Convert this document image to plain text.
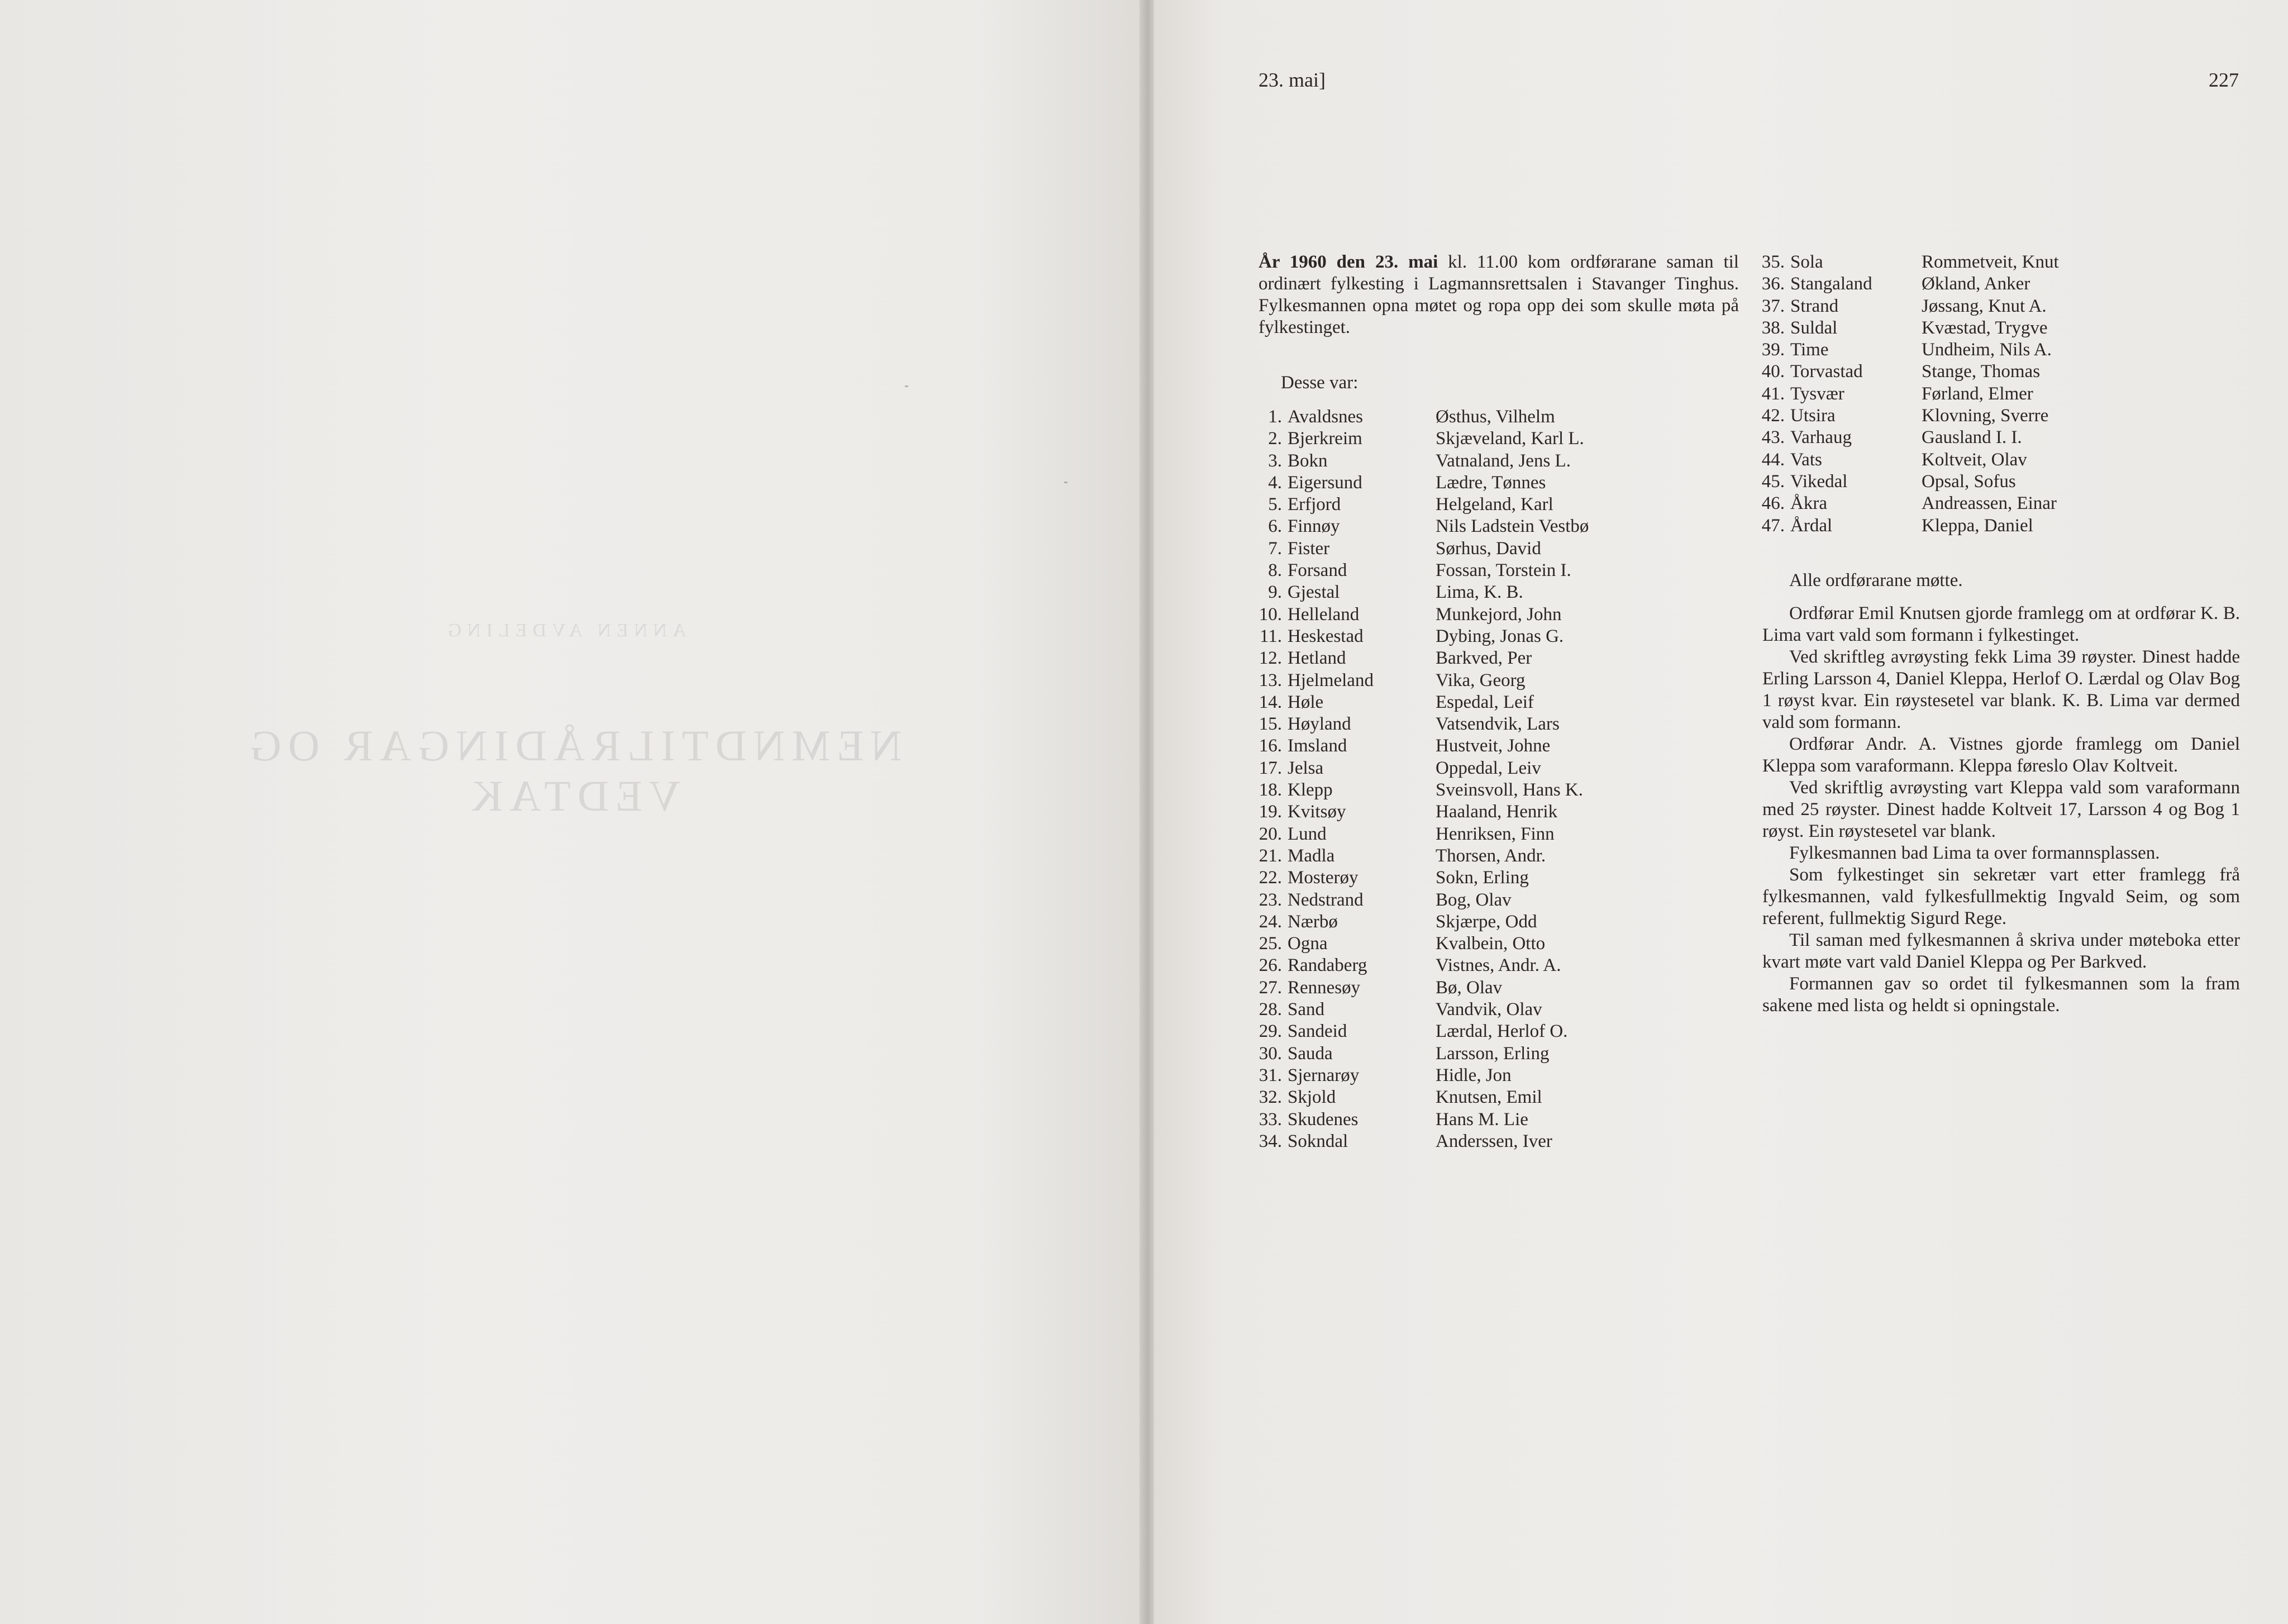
ANNEN AVDELING
NEMNDTILRÅDINGAR OG VEDTAK
23. mai]	227
År 1960 den 23. mai kl. 11.00 kom ordførarane saman til ordinært fylkesting i Lagmannsrettsalen i Stavanger Tinghus. Fylkesmannen opna møtet og ropa opp dei som skulle møta på fylkestinget.
Desse var:
1. Avaldsnes	Østhus, Vilhelm
2. Bjerkreim	Skjæveland, Karl L.
3. Bokn	Vatnaland, Jens L.
4. Eigersund	Lædre, Tønnes
5. Erfjord	Helgeland, Karl
6. Finnøy	Nils Ladstein Vestbø
7. Fister	Sørhus, David
8. Forsand	Fossan, Torstein I.
9. Gjestal	Lima, K. B.
10. Helleland	Munkejord, John
11. Heskestad	Dybing, Jonas G.
12. Hetland	Barkved, Per
13. Hjelmeland	Vika, Georg
14. Høle	Espedal, Leif
15. Høyland	Vatsendvik, Lars
16. Imsland	Hustveit, Johne
17. Jelsa	Oppedal, Leiv
18. Klepp	Sveinsvoll, Hans K.
19. Kvitsøy	Haaland, Henrik
20. Lund	Henriksen, Finn
21. Madla	Thorsen, Andr.
22. Mosterøy	Sokn, Erling
23. Nedstrand	Bog, Olav
24. Nærbø	Skjærpe, Odd
25. Ogna	Kvalbein, Otto
26. Randaberg	Vistnes, Andr. A.
27. Rennesøy	Bø, Olav
28. Sand	Vandvik, Olav
29. Sandeid	Lærdal, Herlof O.
30. Sauda	Larsson, Erling
31. Sjernarøy	Hidle, Jon
32. Skjold	Knutsen, Emil
33. Skudenes	Hans M. Lie
34. Sokndal	Anderssen, Iver
35. Sola	Rommetveit, Knut
36. Stangaland	Økland, Anker
37. Strand	Jøssang, Knut A.
38. Suldal	Kvæstad, Trygve
39. Time	Undheim, Nils A.
40. Torvastad	Stange, Thomas
41. Tysvær	Førland, Elmer
42. Utsira	Klovning, Sverre
43. Varhaug	Gausland I. I.
44. Vats	Koltveit, Olav
45. Vikedal	Opsal, Sofus
46. Åkra	Andreassen, Einar
47. Årdal	Kleppa, Daniel

Alle ordførarane møtte.

Ordførar Emil Knutsen gjorde framlegg om at ordførar K. B. Lima vart vald som formann i fylkestinget.

Ved skriftleg avrøysting fekk Lima 39 røyster. Dinest hadde Erling Larsson 4, Daniel Kleppa, Herlof O. Lærdal og Olav Bog 1 røyst kvar. Ein røystesetel var blank. K. B. Lima var dermed vald som formann.

Ordførar Andr. A. Vistnes gjorde framlegg om Daniel Kleppa som varaformann. Kleppa føreslo Olav Koltveit.

Ved skriftlig avrøysting vart Kleppa vald som varaformann med 25 røyster. Dinest hadde Koltveit 17, Larsson 4 og Bog 1 røyst. Ein røystesetel var blank.

Fylkesmannen bad Lima ta over formannsplassen.

Som fylkestinget sin sekretær vart etter framlegg frå fylkesmannen, vald fylkesfullmektig Ingvald Seim, og som referent, fullmektig Sigurd Rege.

Til saman med fylkesmannen å skriva under møteboka etter kvart møte vart vald Daniel Kleppa og Per Barkved.

Formannen gav so ordet til fylkesmannen som la fram sakene med lista og heldt si opningstale.
